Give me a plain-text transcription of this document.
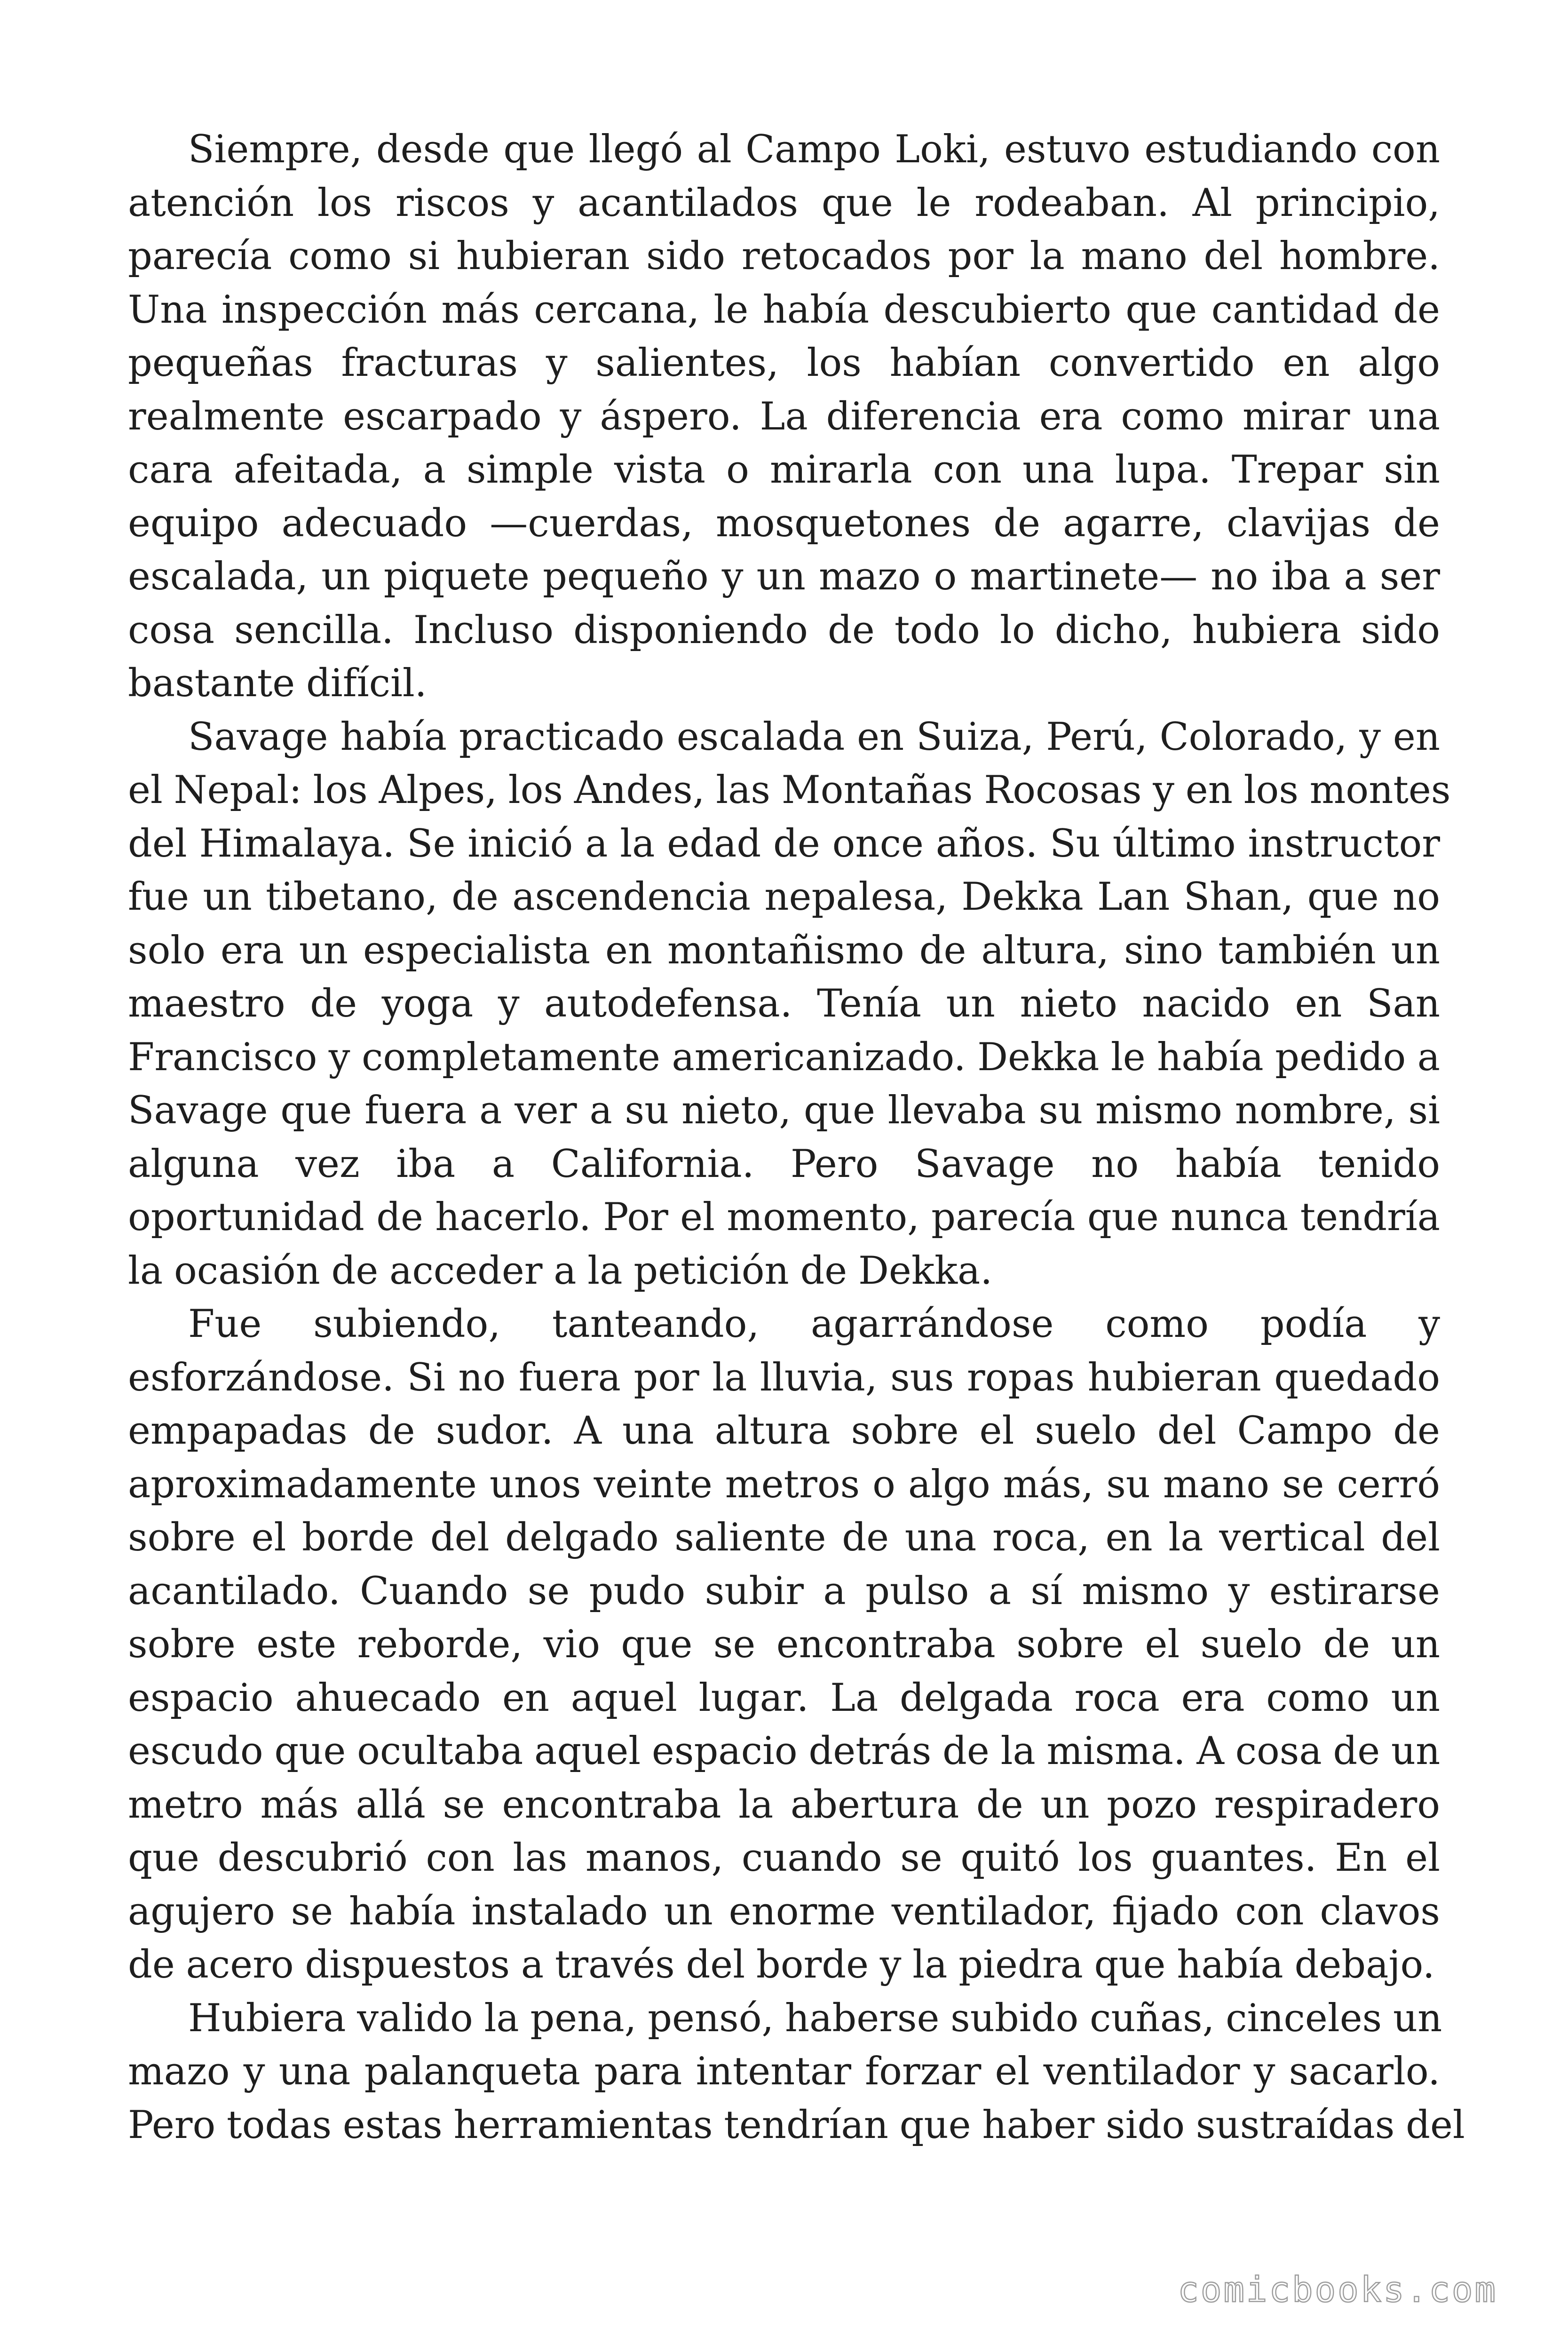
Siempre, desde que llegó al Campo Loki, estuvo estudiando con
atención los riscos y acantilados que le rodeaban. Al principio,
parecía como si hubieran sido retocados por la mano del hombre.
Una inspección más cercana, le había descubierto que cantidad de
pequeñas fracturas y salientes, los habían convertido en algo
realmente escarpado y áspero. La diferencia era como mirar una
cara afeitada, a simple vista o mirarla con una lupa. Trepar sin
equipo adecuado —cuerdas, mosquetones de agarre, clavijas de
escalada, un piquete pequeño y un mazo o martinete— no iba a ser
cosa sencilla. Incluso disponiendo de todo lo dicho, hubiera sido
bastante difícil.
Savage había practicado escalada en Suiza, Perú, Colorado, y en
el Nepal: los Alpes, los Andes, las Montañas Rocosas y en los montes
del Himalaya. Se inició a la edad de once años. Su último instructor
fue un tibetano, de ascendencia nepalesa, Dekka Lan Shan, que no
solo era un especialista en montañismo de altura, sino también un
maestro de yoga y autodefensa. Tenía un nieto nacido en San
Francisco y completamente americanizado. Dekka le había pedido a
Savage que fuera a ver a su nieto, que llevaba su mismo nombre, si
alguna vez iba a California. Pero Savage no había tenido
oportunidad de hacerlo. Por el momento, parecía que nunca tendría
la ocasión de acceder a la petición de Dekka.
Fue subiendo, tanteando, agarrándose como podía y
esforzándose. Si no fuera por la lluvia, sus ropas hubieran quedado
empapadas de sudor. A una altura sobre el suelo del Campo de
aproximadamente unos veinte metros o algo más, su mano se cerró
sobre el borde del delgado saliente de una roca, en la vertical del
acantilado. Cuando se pudo subir a pulso a sí mismo y estirarse
sobre este reborde, vio que se encontraba sobre el suelo de un
espacio ahuecado en aquel lugar. La delgada roca era como un
escudo que ocultaba aquel espacio detrás de la misma. A cosa de un
metro más allá se encontraba la abertura de un pozo respiradero
que descubrió con las manos, cuando se quitó los guantes. En el
agujero se había instalado un enorme ventilador, fijado con clavos
de acero dispuestos a través del borde y la piedra que había debajo.
Hubiera valido la pena, pensó, haberse subido cuñas, cinceles un
mazo y una palanqueta para intentar forzar el ventilador y sacarlo.
Pero todas estas herramientas tendrían que haber sido sustraídas del
comicbooks.com
